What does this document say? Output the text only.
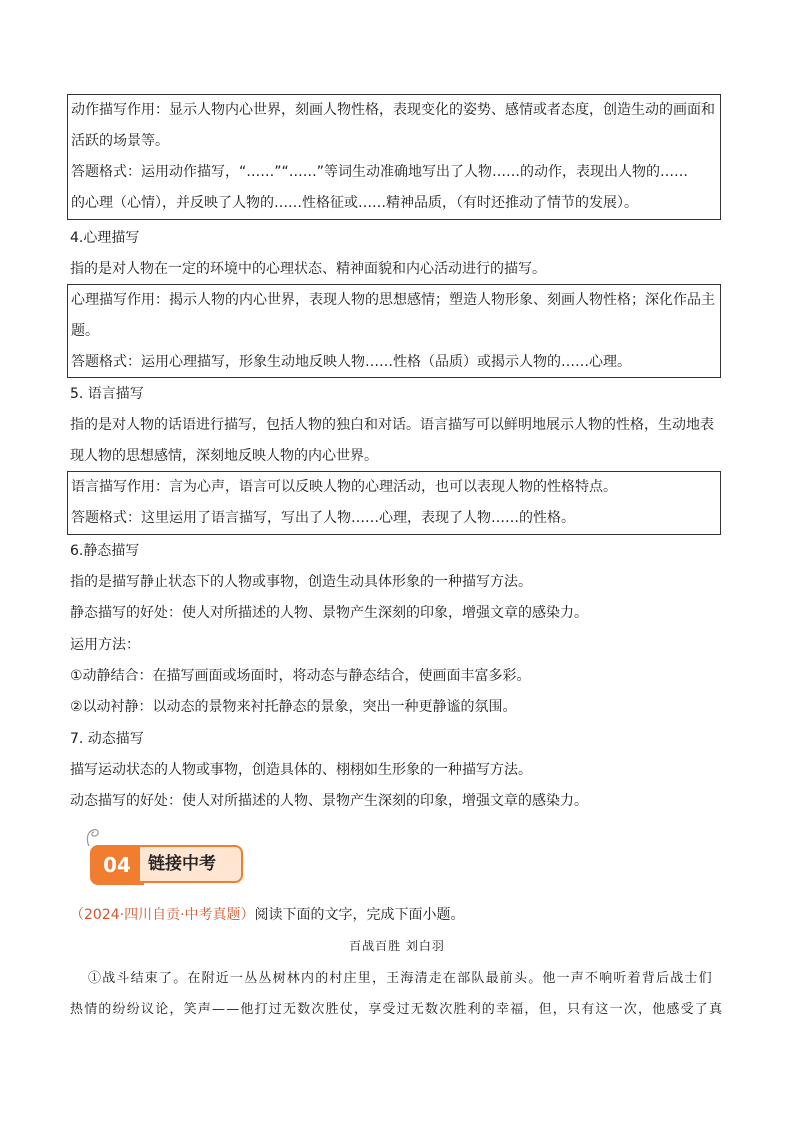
动作描写作用：显示人物内心世界，刻画人物性格，表现变化的姿势、感情或者态度，创造生动的画面和
活跃的场景等。
答题格式：运用动作描写，“……”“……”等词生动准确地写出了人物……的动作，表现出人物的……
的心理（心情），并反映了人物的……性格征或……精神品质，（有时还推动了情节的发展）。
4.心理描写
指的是对人物在一定的环境中的心理状态、精神面貌和内心活动进行的描写。
心理描写作用：揭示人物的内心世界，表现人物的思想感情；塑造人物形象、刻画人物性格；深化作品主
题。
答题格式：运用心理描写，形象生动地反映人物……性格（品质）或揭示人物的……心理。
5. 语言描写
指的是对人物的话语进行描写，包括人物的独白和对话。语言描写可以鲜明地展示人物的性格，生动地表
现人物的思想感情，深刻地反映人物的内心世界。
语言描写作用：言为心声，语言可以反映人物的心理活动，也可以表现人物的性格特点。
答题格式：这里运用了语言描写，写出了人物……心理，表现了人物……的性格。
6.静态描写
指的是描写静止状态下的人物或事物，创造生动具体形象的一种描写方法。
静态描写的好处：使人对所描述的人物、景物产生深刻的印象，增强文章的感染力。
运用方法：
①动静结合：在描写画面或场面时，将动态与静态结合，使画面丰富多彩。
②以动衬静：以动态的景物来衬托静态的景象，突出一种更静谧的氛围。
7. 动态描写
描写运动状态的人物或事物，创造具体的、栩栩如生形象的一种描写方法。
动态描写的好处：使人对所描述的人物、景物产生深刻的印象，增强文章的感染力。
04	链接中考
（2024·四川自贡·中考真题）阅读下面的文字，完成下面小题。
百战百胜 刘白羽
①战斗结束了。在附近一丛丛树林内的村庄里，王海清走在部队最前头。他一声不响听着背后战士们
热情的纷纷议论，笑声——他打过无数次胜仗，享受过无数次胜利的幸福，但，只有这一次，他感受了真
